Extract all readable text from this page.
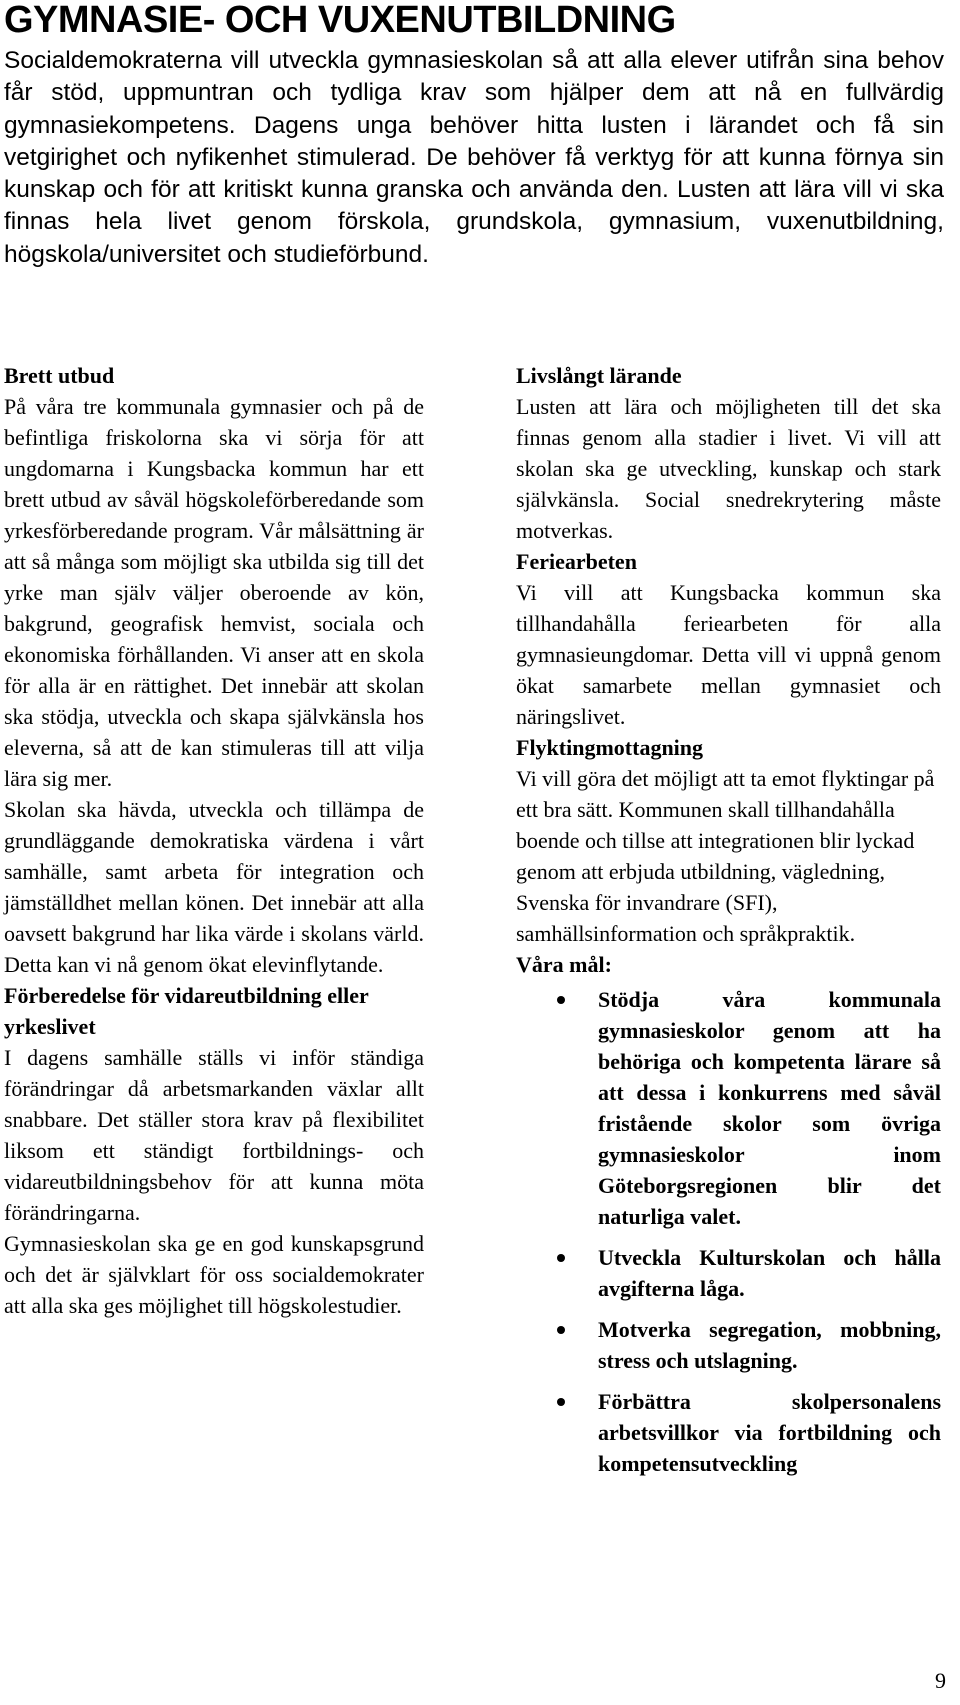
GYMNASIE- OCH VUXENUTBILDNING

Socialdemokraterna vill utveckla gymnasieskolan så att alla elever utifrån sina behov får stöd, uppmuntran och tydliga krav som hjälper dem att nå en fullvärdig gymnasiekompetens. Dagens unga behöver hitta lusten i lärandet och få sin vetgirighet och nyfikenhet stimulerad. De behöver få verktyg för att kunna förnya sin kunskap och för att kritiskt kunna granska och använda den. Lusten att lära vill vi ska finnas hela livet genom förskola, grundskola, gymnasium, vuxenutbildning, högskola/universitet och studieförbund.

Brett utbud

På våra tre kommunala gymnasier och på de befintliga friskolorna ska vi sörja för att ungdomarna i Kungsbacka kommun har ett brett utbud av såväl högskoleförberedande som yrkesförberedande program. Vår målsättning är att så många som möjligt ska utbilda sig till det yrke man själv väljer oberoende av kön, bakgrund, geografisk hemvist, sociala och ekonomiska förhållanden. Vi anser att en skola för alla är en rättighet. Det innebär att skolan ska stödja, utveckla och skapa självkänsla hos eleverna, så att de kan stimuleras till att vilja lära sig mer.

Skolan ska hävda, utveckla och tillämpa de grundläggande demokratiska värdena i vårt samhälle, samt arbeta för integration och jämställdhet mellan könen. Det innebär att alla oavsett bakgrund har lika värde i skolans värld. Detta kan vi nå genom ökat elevinflytande.

Förberedelse för vidareutbildning eller yrkeslivet

I dagens samhälle ställs vi inför ständiga förändringar då arbetsmarkanden växlar allt snabbare. Det ställer stora krav på flexibilitet liksom ett ständigt fortbildnings- och vidareutbildningsbehov för att kunna möta förändringarna.

Gymnasieskolan ska ge en god kunskapsgrund och det är självklart för oss socialdemokrater att alla ska ges möjlighet till högskolestudier.

Livslångt lärande

Lusten att lära och möjligheten till det ska finnas genom alla stadier i livet. Vi vill att skolan ska ge utveckling, kunskap och stark självkänsla. Social snedrekrytering måste motverkas.

Feriearbeten

Vi vill att Kungsbacka kommun ska tillhandahålla feriearbeten för alla gymnasieungdomar. Detta vill vi uppnå genom ökat samarbete mellan gymnasiet och näringslivet.

Flyktingmottagning

Vi vill göra det möjligt att ta emot flyktingar på ett bra sätt. Kommunen skall tillhandahålla boende och tillse att integrationen blir lyckad genom att erbjuda utbildning, vägledning, Svenska för invandrare (SFI), samhällsinformation och språkpraktik.

Våra mål:
Stödja våra kommunala gymnasieskolor genom att ha behöriga och kompetenta lärare så att dessa i konkurrens med såväl fristående skolor som övriga gymnasieskolor inom Göteborgsregionen blir det naturliga valet.
Utveckla Kulturskolan och hålla avgifterna låga.
Motverka segregation, mobbning, stress och utslagning.
Förbättra skolpersonalens arbetsvillkor via fortbildning och kompetensutveckling
9
